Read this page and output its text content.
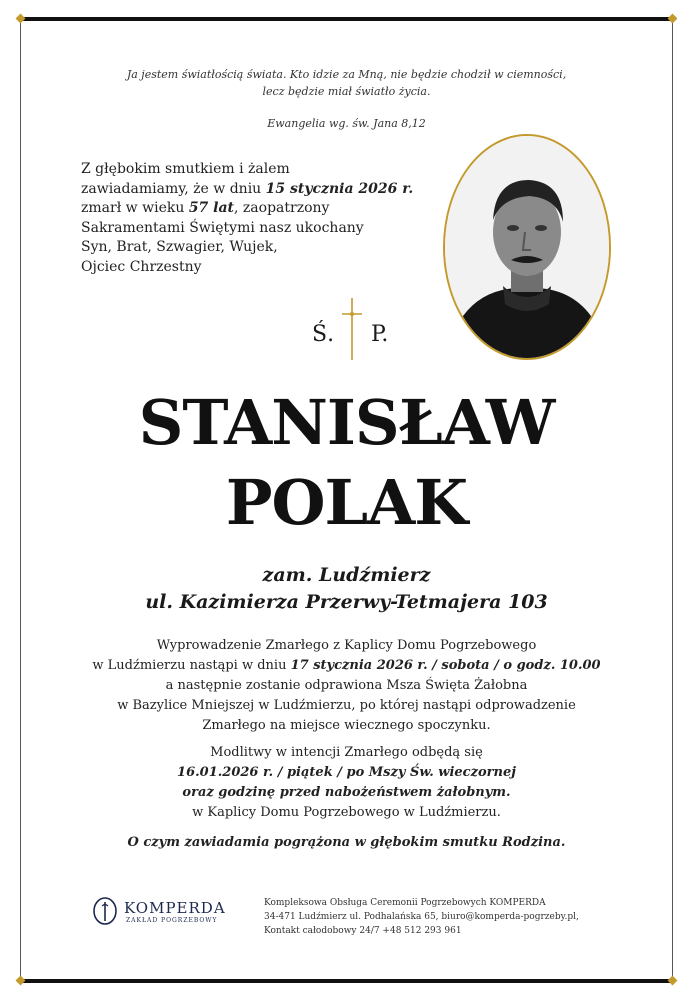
Ja jestem światłością świata. Kto idzie za Mną, nie będzie chodził w ciemności,
lecz będzie miał światło życia.
Ewangelia wg. św. Jana 8,12
Z głębokim smutkiem i żalem
zawiadamiamy, że w dniu 15 stycznia 2026 r.
zmarł w wieku 57 lat, zaopatrzony
Sakramentami Świętymi nasz ukochany
Syn, Brat, Szwagier, Wujek,
Ojciec Chrzestny
Ś. P.
STANISŁAW
POLAK
zam. Ludźmierz
ul. Kazimierza Przerwy-Tetmajera 103
Wyprowadzenie Zmarłego z Kaplicy Domu Pogrzebowego
w Ludźmierzu nastąpi w dniu 17 stycznia 2026 r. / sobota / o godz. 10.00
a następnie zostanie odprawiona Msza Święta Żałobna
w Bazylice Mniejszej w Ludźmierzu, po której nastąpi odprowadzenie
Zmarłego na miejsce wiecznego spoczynku.
Modlitwy w intencji Zmarłego odbędą się
16.01.2026 r. / piątek / po Mszy Św. wieczornej
oraz godzinę przed nabożeństwem żałobnym.
w Kaplicy Domu Pogrzebowego w Ludźmierzu.
O czym zawiadamia pogrążona w głębokim smutku Rodzina.
KOMPERDA
ZAKŁAD POGRZEBOWY
Kompleksowa Obsługa Ceremonii Pogrzebowych KOMPERDA
34-471 Ludźmierz ul. Podhalańska 65, biuro@komperda-pogrzeby.pl,
Kontakt całodobowy 24/7 +48 512 293 961
